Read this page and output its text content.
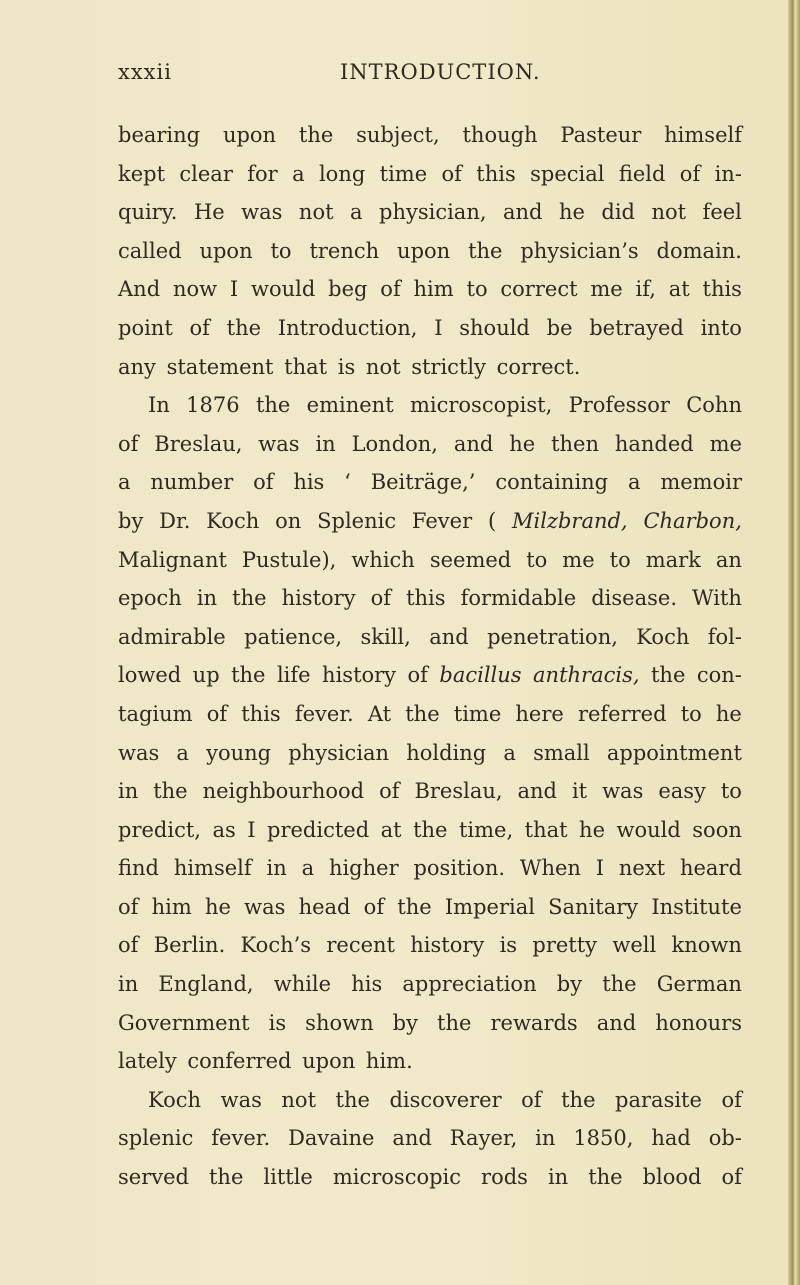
xxxii	INTRODUCTION.
bearing upon the subject, though Pasteur himself
kept clear for a long time of this special field of in-
quiry. He was not a physician, and he did not feel
called upon to trench upon the physician’s domain.
And now I would beg of him to correct me if, at this
point of the Introduction, I should be betrayed into
any statement that is not strictly correct.
In 1876 the eminent microscopist, Professor Cohn
of Breslau, was in London, and he then handed me
a number of his ‘ Beiträge,’ containing a memoir
by Dr. Koch on Splenic Fever ( Milzbrand, Charbon,
Malignant Pustule), which seemed to me to mark an
epoch in the history of this formidable disease. With
admirable patience, skill, and penetration, Koch fol-
lowed up the life history of bacillus anthracis, the con-
tagium of this fever. At the time here referred to he
was a young physician holding a small appointment
in the neighbourhood of Breslau, and it was easy to
predict, as I predicted at the time, that he would soon
find himself in a higher position. When I next heard
of him he was head of the Imperial Sanitary Institute
of Berlin. Koch’s recent history is pretty well known
in England, while his appreciation by the German
Government is shown by the rewards and honours
lately conferred upon him.
Koch was not the discoverer of the parasite of
splenic fever. Davaine and Rayer, in 1850, had ob-
served the little microscopic rods in the blood of
